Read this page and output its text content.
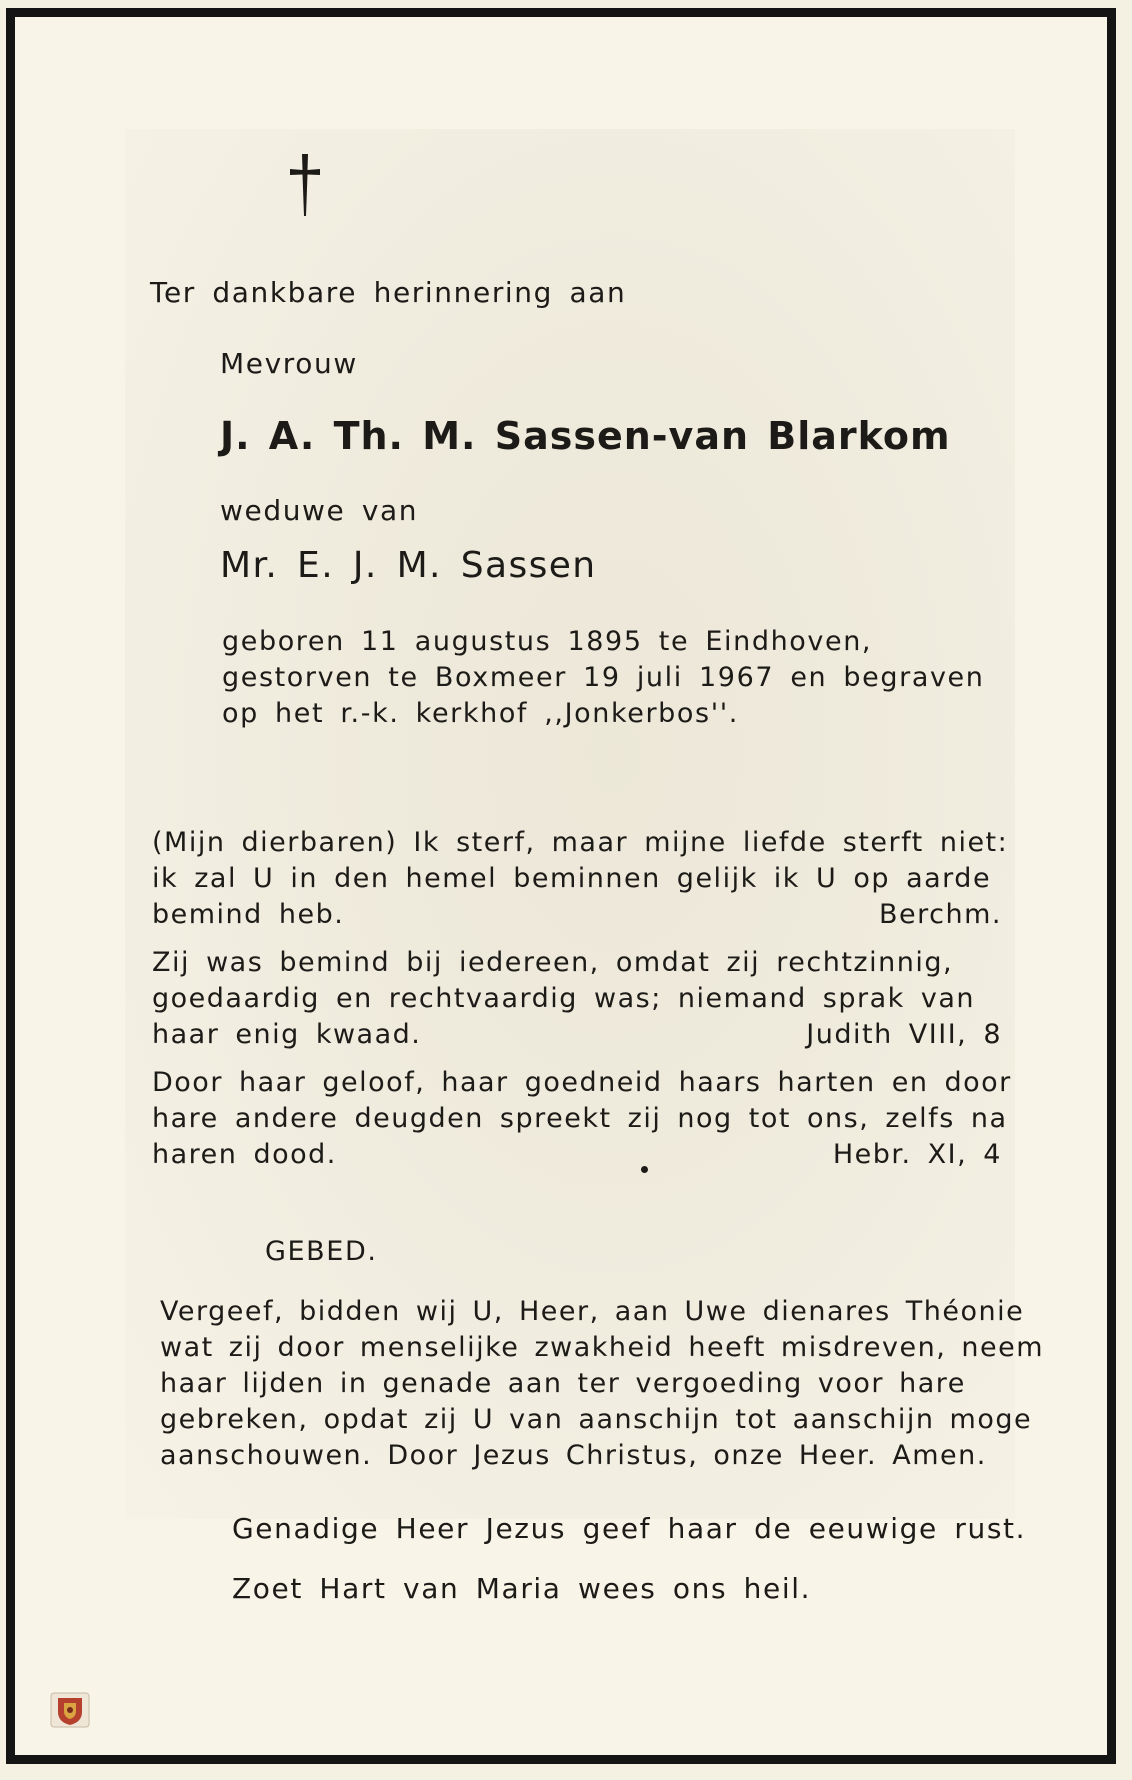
Ter dankbare herinnering aan
Mevrouw
J. A. Th. M. Sassen-van Blarkom
weduwe van
Mr. E. J. M. Sassen
geboren 11 augustus 1895 te Eindhoven,
gestorven te Boxmeer 19 juli 1967 en begraven
op het r.-k. kerkhof ,,Jonkerbos''.
(Mijn dierbaren) Ik sterf, maar mijne liefde sterft niet:
ik zal U in den hemel beminnen gelijk ik U op aarde
bemind heb.	Berchm.
Zij was bemind bij iedereen, omdat zij rechtzinnig,
goedaardig en rechtvaardig was; niemand sprak van
haar enig kwaad.	Judith VIII, 8
Door haar geloof, haar goedneid haars harten en door
hare andere deugden spreekt zij nog tot ons, zelfs na
haren dood.	Hebr. XI, 4
GEBED.
Vergeef, bidden wij U, Heer, aan Uwe dienares Théonie
wat zij door menselijke zwakheid heeft misdreven, neem
haar lijden in genade aan ter vergoeding voor hare
gebreken, opdat zij U van aanschijn tot aanschijn moge
aanschouwen. Door Jezus Christus, onze Heer. Amen.
Genadige Heer Jezus geef haar de eeuwige rust.
Zoet Hart van Maria wees ons heil.
